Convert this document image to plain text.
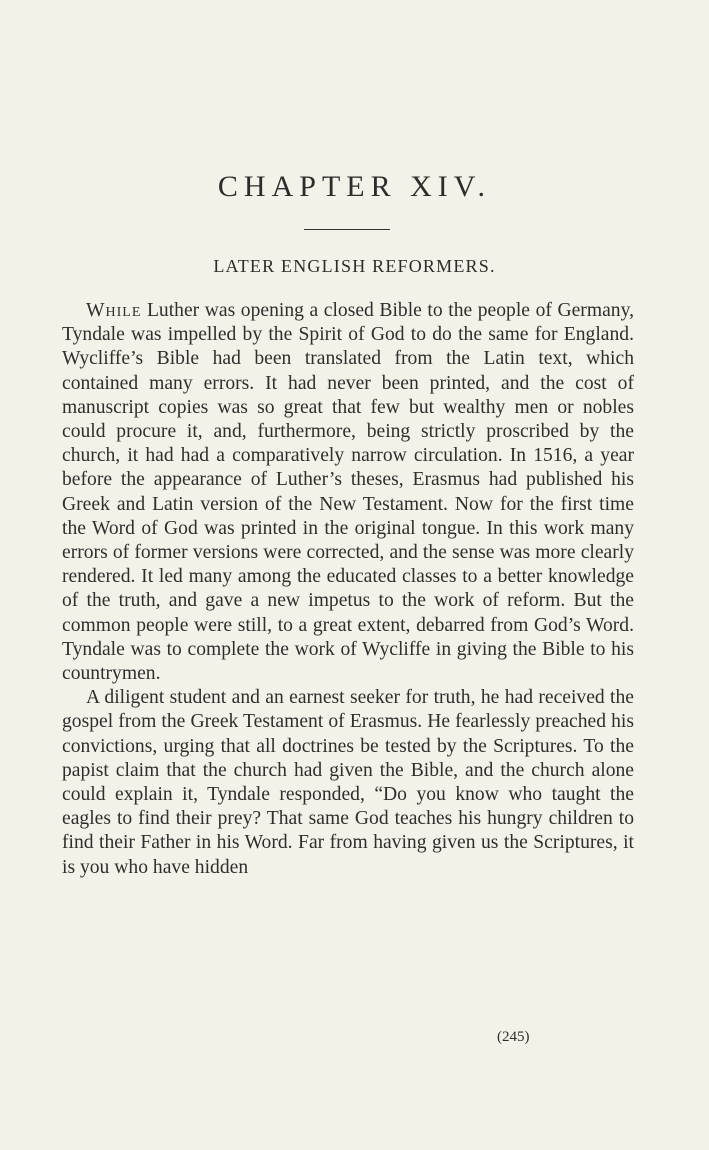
CHAPTER XIV.
LATER ENGLISH REFORMERS.

While Luther was opening a closed Bible to the people of Germany, Tyndale was impelled by the Spirit of God to do the same for England. Wycliffe’s Bible had been translated from the Latin text, which contained many errors. It had never been printed, and the cost of manuscript copies was so great that few but wealthy men or nobles could procure it, and, furthermore, being strictly proscribed by the church, it had had a comparatively narrow circulation. In 1516, a year before the appearance of Luther’s theses, Erasmus had published his Greek and Latin version of the New Testament. Now for the first time the Word of God was printed in the original tongue. In this work many errors of former versions were corrected, and the sense was more clearly rendered. It led many among the educated classes to a better knowledge of the truth, and gave a new impetus to the work of reform. But the common people were still, to a great extent, debarred from God’s Word. Tyndale was to complete the work of Wycliffe in giving the Bible to his countrymen.

A diligent student and an earnest seeker for truth, he had received the gospel from the Greek Testament of Erasmus. He fearlessly preached his convictions, urging that all doctrines be tested by the Scriptures. To the papist claim that the church had given the Bible, and the church alone could explain it, Tyndale responded, “Do you know who taught the eagles to find their prey? That same God teaches his hungry children to find their Father in his Word. Far from having given us the Scriptures, it is you who have hidden

(245)
